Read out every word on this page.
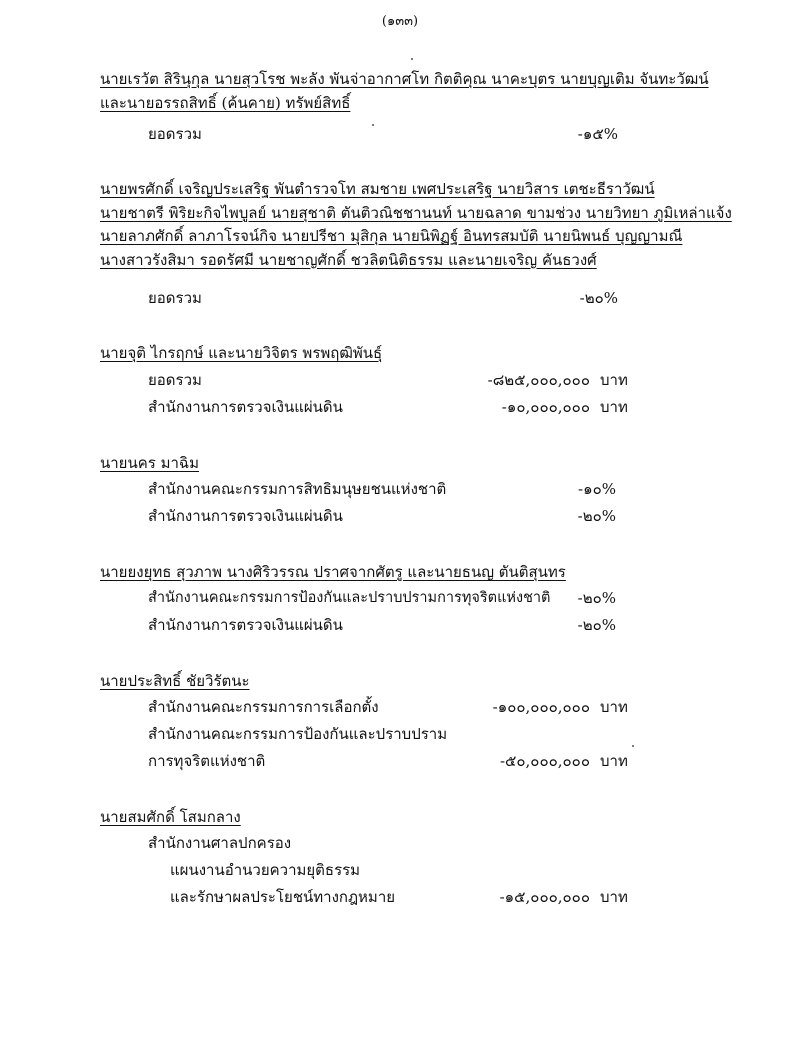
(๑๓๓)
นายเรวัต สิรินุกุล นายสุวโรช พะลัง พันจ่าอากาศโท กิตติคุณ นาคะบุตร นายบุญเติม จันทะวัฒน์
และนายอรรถสิทธิ์ (ค้นคาย) ทรัพย์สิทธิ์
ยอดรวม	-๑๕%
นายพรศักดิ์ เจริญประเสริฐ พันตำรวจโท สมชาย เพศประเสริฐ นายวิสาร เตชะธีราวัฒน์
นายชาตรี พิริยะกิจไพบูลย์ นายสุชาติ ตันติวณิชชานนท์ นายฉลาด ขามช่วง นายวิทยา ภูมิเหล่าแจ้ง
นายลาภศักดิ์ ลาภาโรจน์กิจ นายปรีชา มุสิกุล นายนิพิฏฐ์ อินทรสมบัติ นายนิพนธ์ บุญญามณี
นางสาวรังสิมา รอดรัศมี นายชาญศักดิ์ ชวลิตนิติธรรม และนายเจริญ คันธวงศ์
ยอดรวม	-๒๐%
นายจุติ ไกรฤกษ์ และนายวิจิตร พรพฤฒิพันธุ์
ยอดรวม	-๘๒๕,๐๐๐,๐๐๐ บาท
สำนักงานการตรวจเงินแผ่นดิน	-๑๐,๐๐๐,๐๐๐ บาท
นายนคร มาฉิม
สำนักงานคณะกรรมการสิทธิมนุษยชนแห่งชาติ	-๑๐%
สำนักงานการตรวจเงินแผ่นดิน	-๒๐%
นายยงยุทธ สุวภาพ นางศิริวรรณ ปราศจากศัตรู และนายธนญ ตันติสุนทร
สำนักงานคณะกรรมการป้องกันและปราบปรามการทุจริตแห่งชาติ	-๒๐%
สำนักงานการตรวจเงินแผ่นดิน	-๒๐%
นายประสิทธิ์ ชัยวิรัตนะ
สำนักงานคณะกรรมการการเลือกตั้ง	-๑๐๐,๐๐๐,๐๐๐ บาท
สำนักงานคณะกรรมการป้องกันและปราบปราม
การทุจริตแห่งชาติ	-๕๐,๐๐๐,๐๐๐ บาท
นายสมศักดิ์ โสมกลาง
สำนักงานศาลปกครอง
แผนงานอำนวยความยุติธรรม
และรักษาผลประโยชน์ทางกฎหมาย	-๑๕,๐๐๐,๐๐๐ บาท
